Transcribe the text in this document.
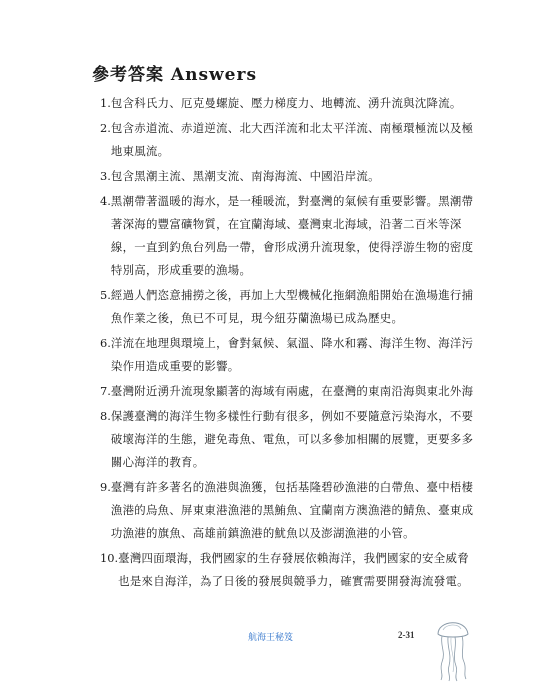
參考答案 Answers
1. 包含科氏力、厄克曼螺旋、壓力梯度力、地轉流、湧升流與沈降流。
2. 包含赤道流、赤道逆流、北大西洋流和北太平洋流、南極環極流以及極地東風流。
3. 包含黑潮主流、黑潮支流、南海海流、中國沿岸流。
4. 黑潮帶著溫暖的海水，是一種暖流，對臺灣的氣候有重要影響。黑潮帶著深海的豐富礦物質，在宜蘭海域、臺灣東北海域，沿著二百米等深線，一直到釣魚台列島一帶，會形成湧升流現象，使得浮游生物的密度特別高，形成重要的漁場。
5. 經過人們恣意捕撈之後，再加上大型機械化拖網漁船開始在漁場進行捕魚作業之後，魚已不可見，現今紐芬蘭漁場已成為歷史。
6. 洋流在地理與環境上，會對氣候、氣溫、降水和霧、海洋生物、海洋污染作用造成重要的影響。
7. 臺灣附近湧升流現象顯著的海域有兩處，在臺灣的東南沿海與東北外海
8. 保護臺灣的海洋生物多樣性行動有很多，例如不要隨意污染海水，不要破壞海洋的生態，避免毒魚、電魚，可以多參加相關的展覽，更要多多關心海洋的教育。
9. 臺灣有許多著名的漁港與漁獲，包括基隆碧砂漁港的白帶魚、臺中梧棲漁港的烏魚、屏東東港漁港的黑鮪魚、宜蘭南方澳漁港的鯖魚、臺東成功漁港的旗魚、高雄前鎮漁港的魷魚以及澎湖漁港的小管。
10. 臺灣四面環海，我們國家的生存發展依賴海洋，我們國家的安全威脅也是來自海洋，為了日後的發展與競爭力，確實需要開發海流發電。
航海王秘笈	2-31
